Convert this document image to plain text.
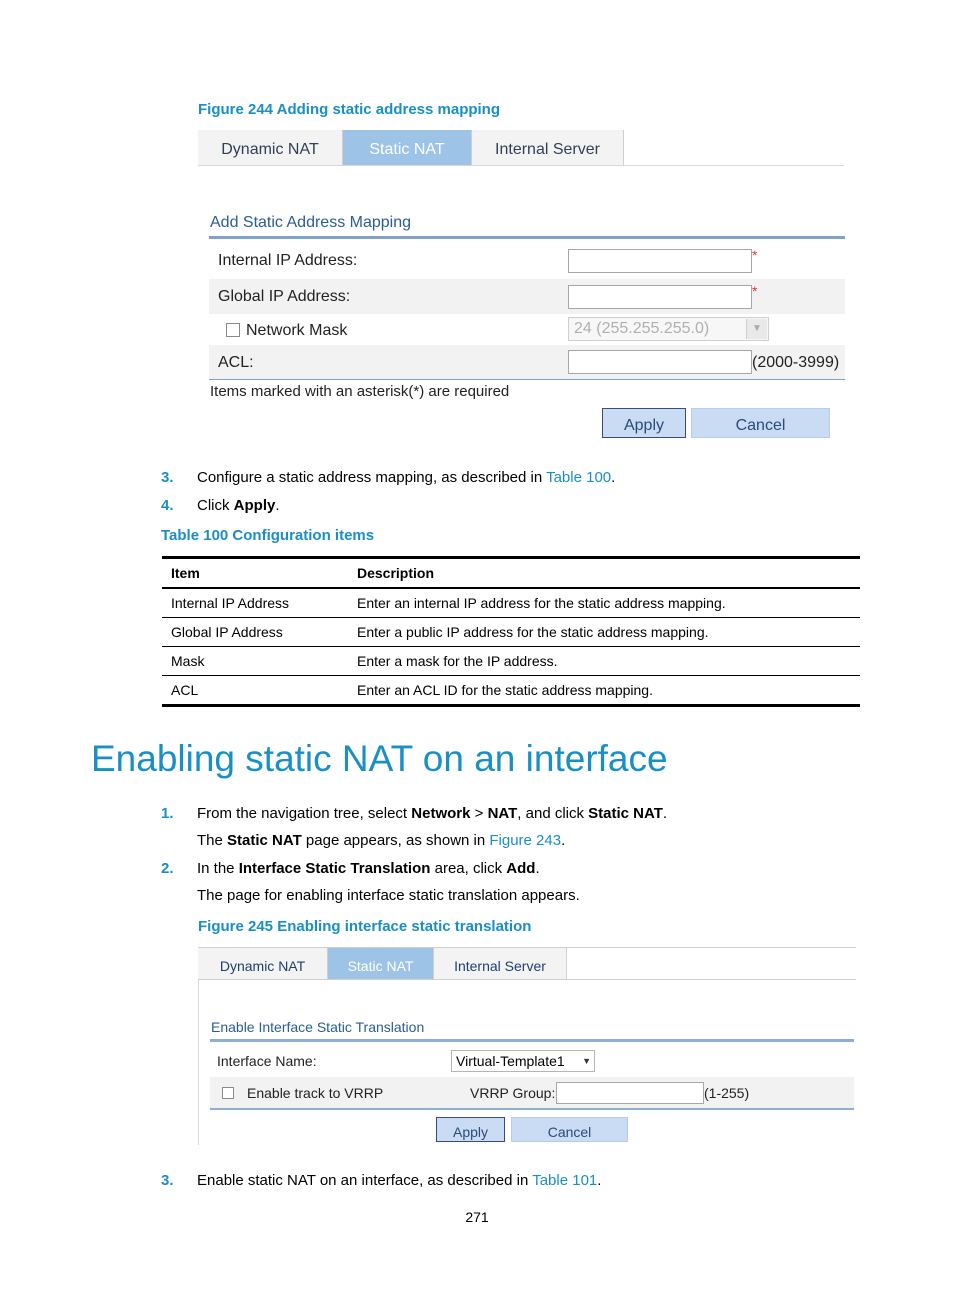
Figure 244 Adding static address mapping
Dynamic NAT	Static NAT	Internal Server
Add Static Address Mapping
Internal IP Address:	*
Global IP Address:	*
Network Mask	24 (255.255.255.0)	▼
ACL:	(2000-3999)
Items marked with an asterisk(*) are required
Apply	Cancel
3. Configure a static address mapping, as described in Table 100.
4. Click Apply.
Table 100 Configuration items
Item	Description
Internal IP Address	Enter an internal IP address for the static address mapping.
Global IP Address	Enter a public IP address for the static address mapping.
Mask	Enter a mask for the IP address.
ACL	Enter an ACL ID for the static address mapping.
Enabling static NAT on an interface
1. From the navigation tree, select Network > NAT, and click Static NAT.
The Static NAT page appears, as shown in Figure 243.
2. In the Interface Static Translation area, click Add.
The page for enabling interface static translation appears.
Figure 245 Enabling interface static translation
Dynamic NAT	Static NAT	Internal Server
Enable Interface Static Translation
Interface Name:	Virtual-Template1 ▼
Enable track to VRRP	VRRP Group:	(1-255)
Apply	Cancel
3. Enable static NAT on an interface, as described in Table 101.
271
